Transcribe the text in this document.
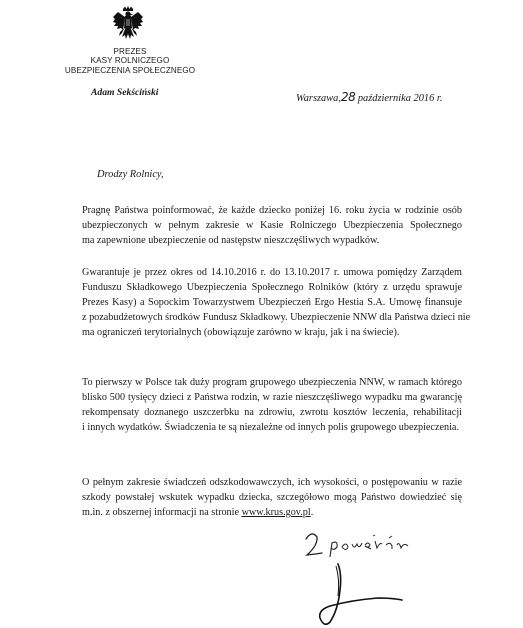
PREZES
KASY ROLNICZEGO
UBEZPIECZENIA SPOŁECZNEGO
Adam Sekściński
Warszawa,28 października 2016 r.
Drodzy Rolnicy,
Pragnę Państwa poinformować, że każde dziecko poniżej 16. roku życia w rodzinie osób
ubezpieczonych w pełnym zakresie w Kasie Rolniczego Ubezpieczenia Społecznego
ma zapewnione ubezpieczenie od następstw nieszczęśliwych wypadków.
Gwarantuje je przez okres od 14.10.2016 r. do 13.10.2017 r. umowa pomiędzy Zarządem
Funduszu Składkowego Ubezpieczenia Społecznego Rolników (który z urzędu sprawuje
Prezes Kasy) a Sopockim Towarzystwem Ubezpieczeń Ergo Hestia S.A. Umowę finansuje
z pozabudżetowych środków Fundusz Składkowy. Ubezpieczenie NNW dla Państwa dzieci nie
ma ograniczeń terytorialnych (obowiązuje zarówno w kraju, jak i na świecie).
To pierwszy w Polsce tak duży program grupowego ubezpieczenia NNW, w ramach którego
blisko 500 tysięcy dzieci z Państwa rodzin, w razie nieszczęśliwego wypadku ma gwarancję
rekompensaty doznanego uszczerbku na zdrowiu, zwrotu kosztów leczenia, rehabilitacji
i innych wydatków. Świadczenia te są niezależne od innych polis grupowego ubezpieczenia.
O pełnym zakresie świadczeń odszkodowawczych, ich wysokości, o postępowaniu w razie
szkody powstałej wskutek wypadku dziecka, szczegółowo mogą Państwo dowiedzieć się
m.in. z obszernej informacji na stronie www.krus.gov.pl.
